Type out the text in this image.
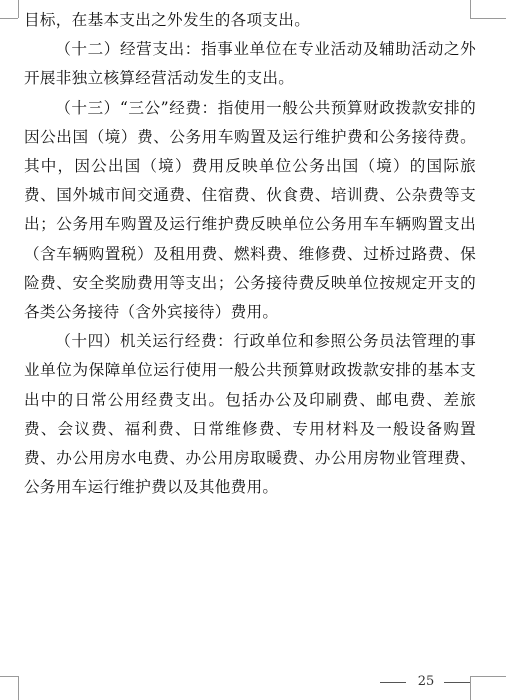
目标，在基本支出之外发生的各项支出。

（十二）经营支出：指事业单位在专业活动及辅助活动之外开展非独立核算经营活动发生的支出。

（十三）“三公”经费：指使用一般公共预算财政拨款安排的因公出国（境）费、公务用车购置及运行维护费和公务接待费。其中，因公出国（境）费用反映单位公务出国（境）的国际旅费、国外城市间交通费、住宿费、伙食费、培训费、公杂费等支出；公务用车购置及运行维护费反映单位公务用车车辆购置支出（含车辆购置税）及租用费、燃料费、维修费、过桥过路费、保险费、安全奖励费用等支出；公务接待费反映单位按规定开支的各类公务接待（含外宾接待）费用。

（十四）机关运行经费：行政单位和参照公务员法管理的事业单位为保障单位运行使用一般公共预算财政拨款安排的基本支出中的日常公用经费支出。包括办公及印刷费、邮电费、差旅费、会议费、福利费、日常维修费、专用材料及一般设备购置费、办公用房水电费、办公用房取暖费、办公用房物业管理费、公务用车运行维护费以及其他费用。

25
